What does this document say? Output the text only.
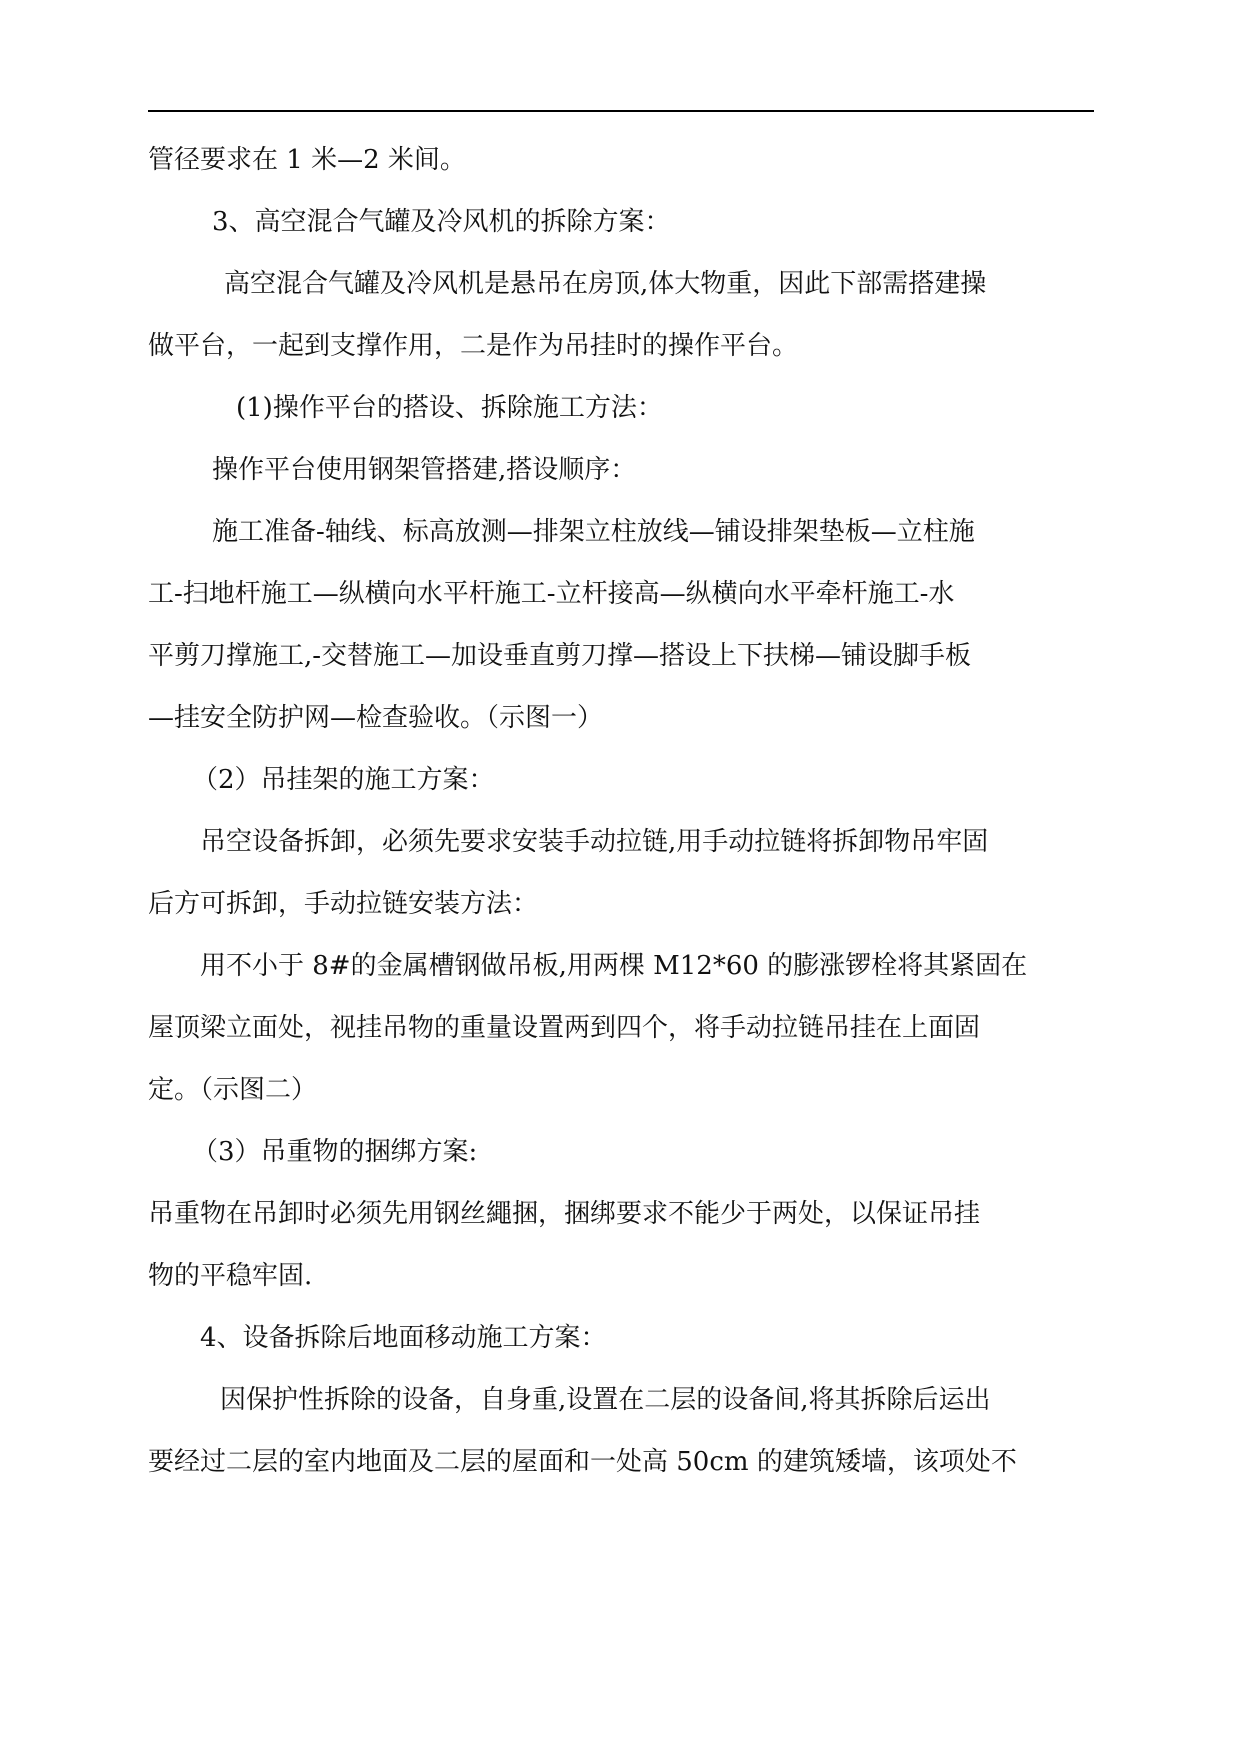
管径要求在 1 米—2 米间。
3、高空混合气罐及冷风机的拆除方案：
高空混合气罐及冷风机是悬吊在房顶,体大物重，因此下部需搭建操
做平台，一起到支撑作用，二是作为吊挂时的操作平台。
(1)操作平台的搭设、拆除施工方法：
操作平台使用钢架管搭建,搭设顺序：
施工准备-轴线、标高放测—排架立柱放线—铺设排架垫板—立柱施
工-扫地杆施工—纵横向水平杆施工-立杆接高—纵横向水平牵杆施工-水
平剪刀撑施工,-交替施工—加设垂直剪刀撑—搭设上下扶梯—铺设脚手板
—挂安全防护网—检查验收。（示图一）
（2）吊挂架的施工方案：
吊空设备拆卸，必须先要求安装手动拉链,用手动拉链将拆卸物吊牢固
后方可拆卸，手动拉链安装方法：
用不小于 8#的金属槽钢做吊板,用两棵 M12*60 的膨涨锣栓将其紧固在
屋顶梁立面处，视挂吊物的重量设置两到四个，将手动拉链吊挂在上面固
定。（示图二）
（3）吊重物的捆绑方案:
吊重物在吊卸时必须先用钢丝繩捆，捆绑要求不能少于两处，以保证吊挂
物的平稳牢固.
4、设备拆除后地面移动施工方案：
因保护性拆除的设备，自身重,设置在二层的设备间,将其拆除后运出
要经过二层的室内地面及二层的屋面和一处高 50cm 的建筑矮墙，该项处不
